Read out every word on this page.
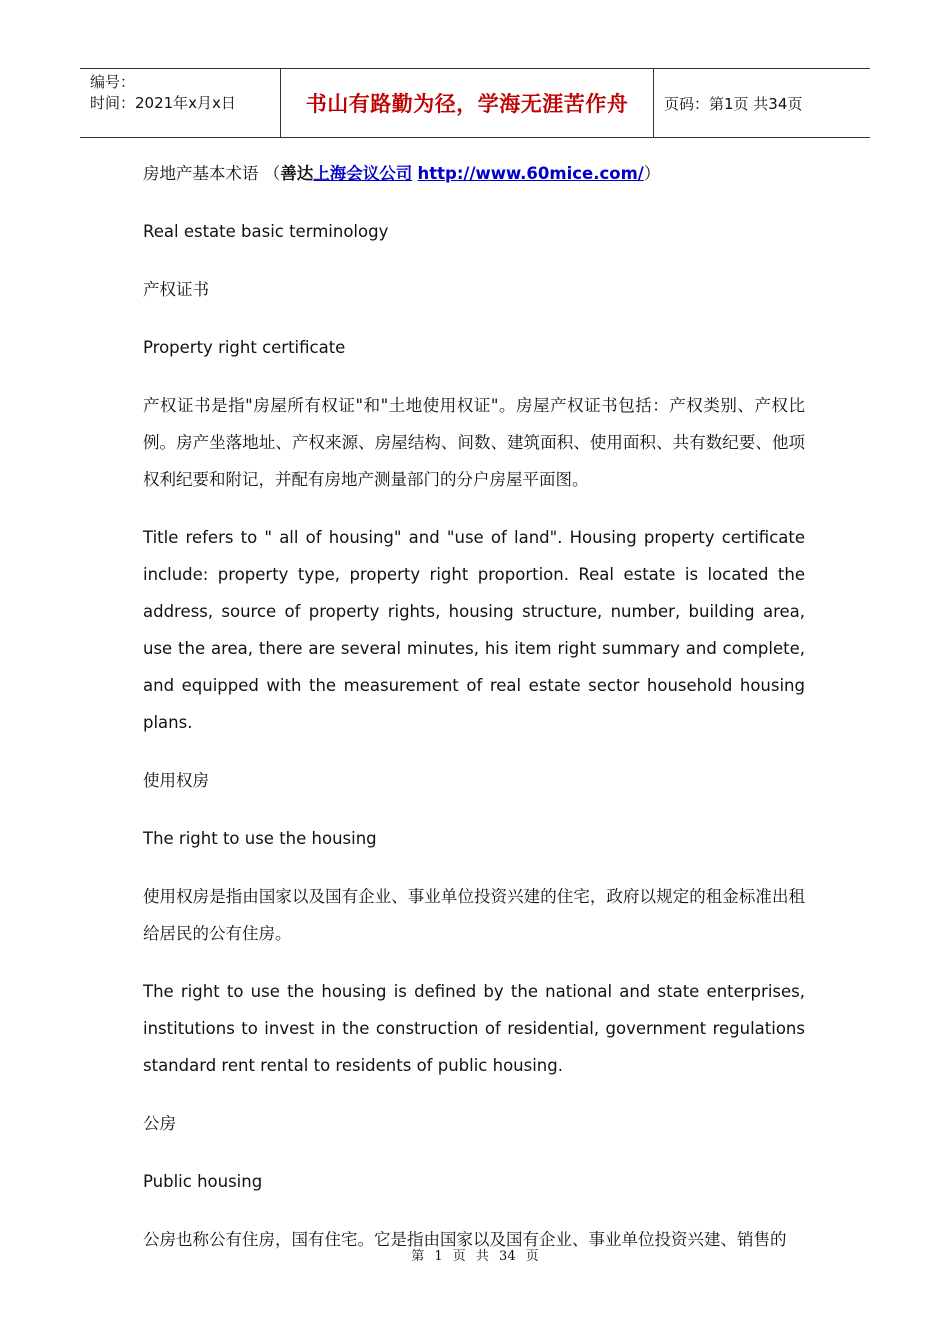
编号：
时间：2021年x月x日	书山有路勤为径，学海无涯苦作舟	页码：第1页 共34页

房地产基本术语 （善达上海会议公司 http://www.60mice.com/）

Real estate basic terminology

产权证书

Property right certificate

产权证书是指"房屋所有权证"和"土地使用权证"。房屋产权证书包括：产权类别、产权比例。房产坐落地址、产权来源、房屋结构、间数、建筑面积、使用面积、共有数纪要、他项权利纪要和附记，并配有房地产测量部门的分户房屋平面图。

Title refers to " all of housing" and "use of land". Housing property certificate include: property type, property right proportion. Real estate is located the address, source of property rights, housing structure, number, building area, use the area, there are several minutes, his item right summary and complete, and equipped with the measurement of real estate sector household housing plans.

使用权房

The right to use the housing

使用权房是指由国家以及国有企业、事业单位投资兴建的住宅，政府以规定的租金标准出租给居民的公有住房。

The right to use the housing is defined by the national and state enterprises, institutions to invest in the construction of residential, government regulations standard rent rental to residents of public housing.

公房

Public housing

公房也称公有住房，国有住宅。它是指由国家以及国有企业、事业单位投资兴建、销售的

第 1 页 共 34 页
